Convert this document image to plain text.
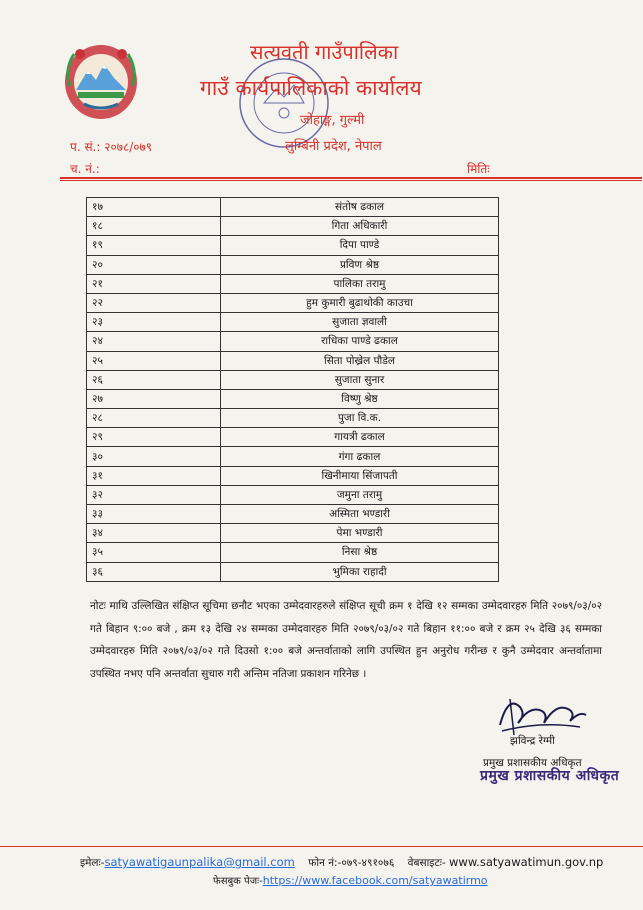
सत्यवती गाउँपालिका
गाउँ कार्यपालिकाको कार्यालय
जोहाङ्ग, गुल्मी
लुम्बिनी प्रदेश, नेपाल
प. सं.: २०७८/०७९
च. नं.:	मितिः
१७	संतोष ढकाल
१८	गिता अधिकारी
१९	दिपा पाण्डे
२०	प्रविण श्रेष्ठ
२१	पालिका तरामु
२२	हुम कुमारी बुढाथोकी काउचा
२३	सुजाता ज्ञवाली
२४	राधिका पाण्डे ढकाल
२५	सिता पोख्रेल पौडेल
२६	सुजाता सुनार
२७	विष्णु श्रेष्ठ
२८	पुजा वि.क.
२९	गायत्री ढकाल
३०	गंगा ढकाल
३१	खिनीमाया सिंजापती
३२	जमुना तरामु
३३	अस्मिता भण्डारी
३४	पेमा भण्डारी
३५	निसा श्रेष्ठ
३६	भुमिका राहादी
नोटः माथि उल्लिखित संक्षिप्त सूचिमा छनौट भएका उम्मेदवारहरुले संक्षिप्त सूची क्रम १ देखि १२ सम्मका उम्मेदवारहरु मिति २०७९/०३/०२ गते बिहान ९:०० बजे , क्रम १३ देखि २४ सम्मका उम्मेदवारहरु मिति २०७९/०३/०२ गते बिहान ११:०० बजे र क्रम २५ देखि ३६ सम्मका उम्मेदवारहरु मिति २०७९/०३/०२ गते दिउसो १:०० बजे अन्तर्वाताको लागि उपस्थित हुन अनुरोध गरीन्छ र कुनै उम्मेदवार अन्तर्वातामा उपस्थित नभए पनि अन्तर्वाता सुचारु गरी अन्तिम नतिजा प्रकाशन गरिनेछ ।
झविन्द्र रेग्मी
प्रमुख प्रशासकीय अधिकृत
प्रमुख प्रशासकीय अधिकृत
इमेलः-satyawatigaunpalika@gmail.com फोन नं:-०७९-४९१०७६ वेबसाइटः- www.satyawatimun.gov.np
फेसबुक पेजः-https://www.facebook.com/satyawatirmo
